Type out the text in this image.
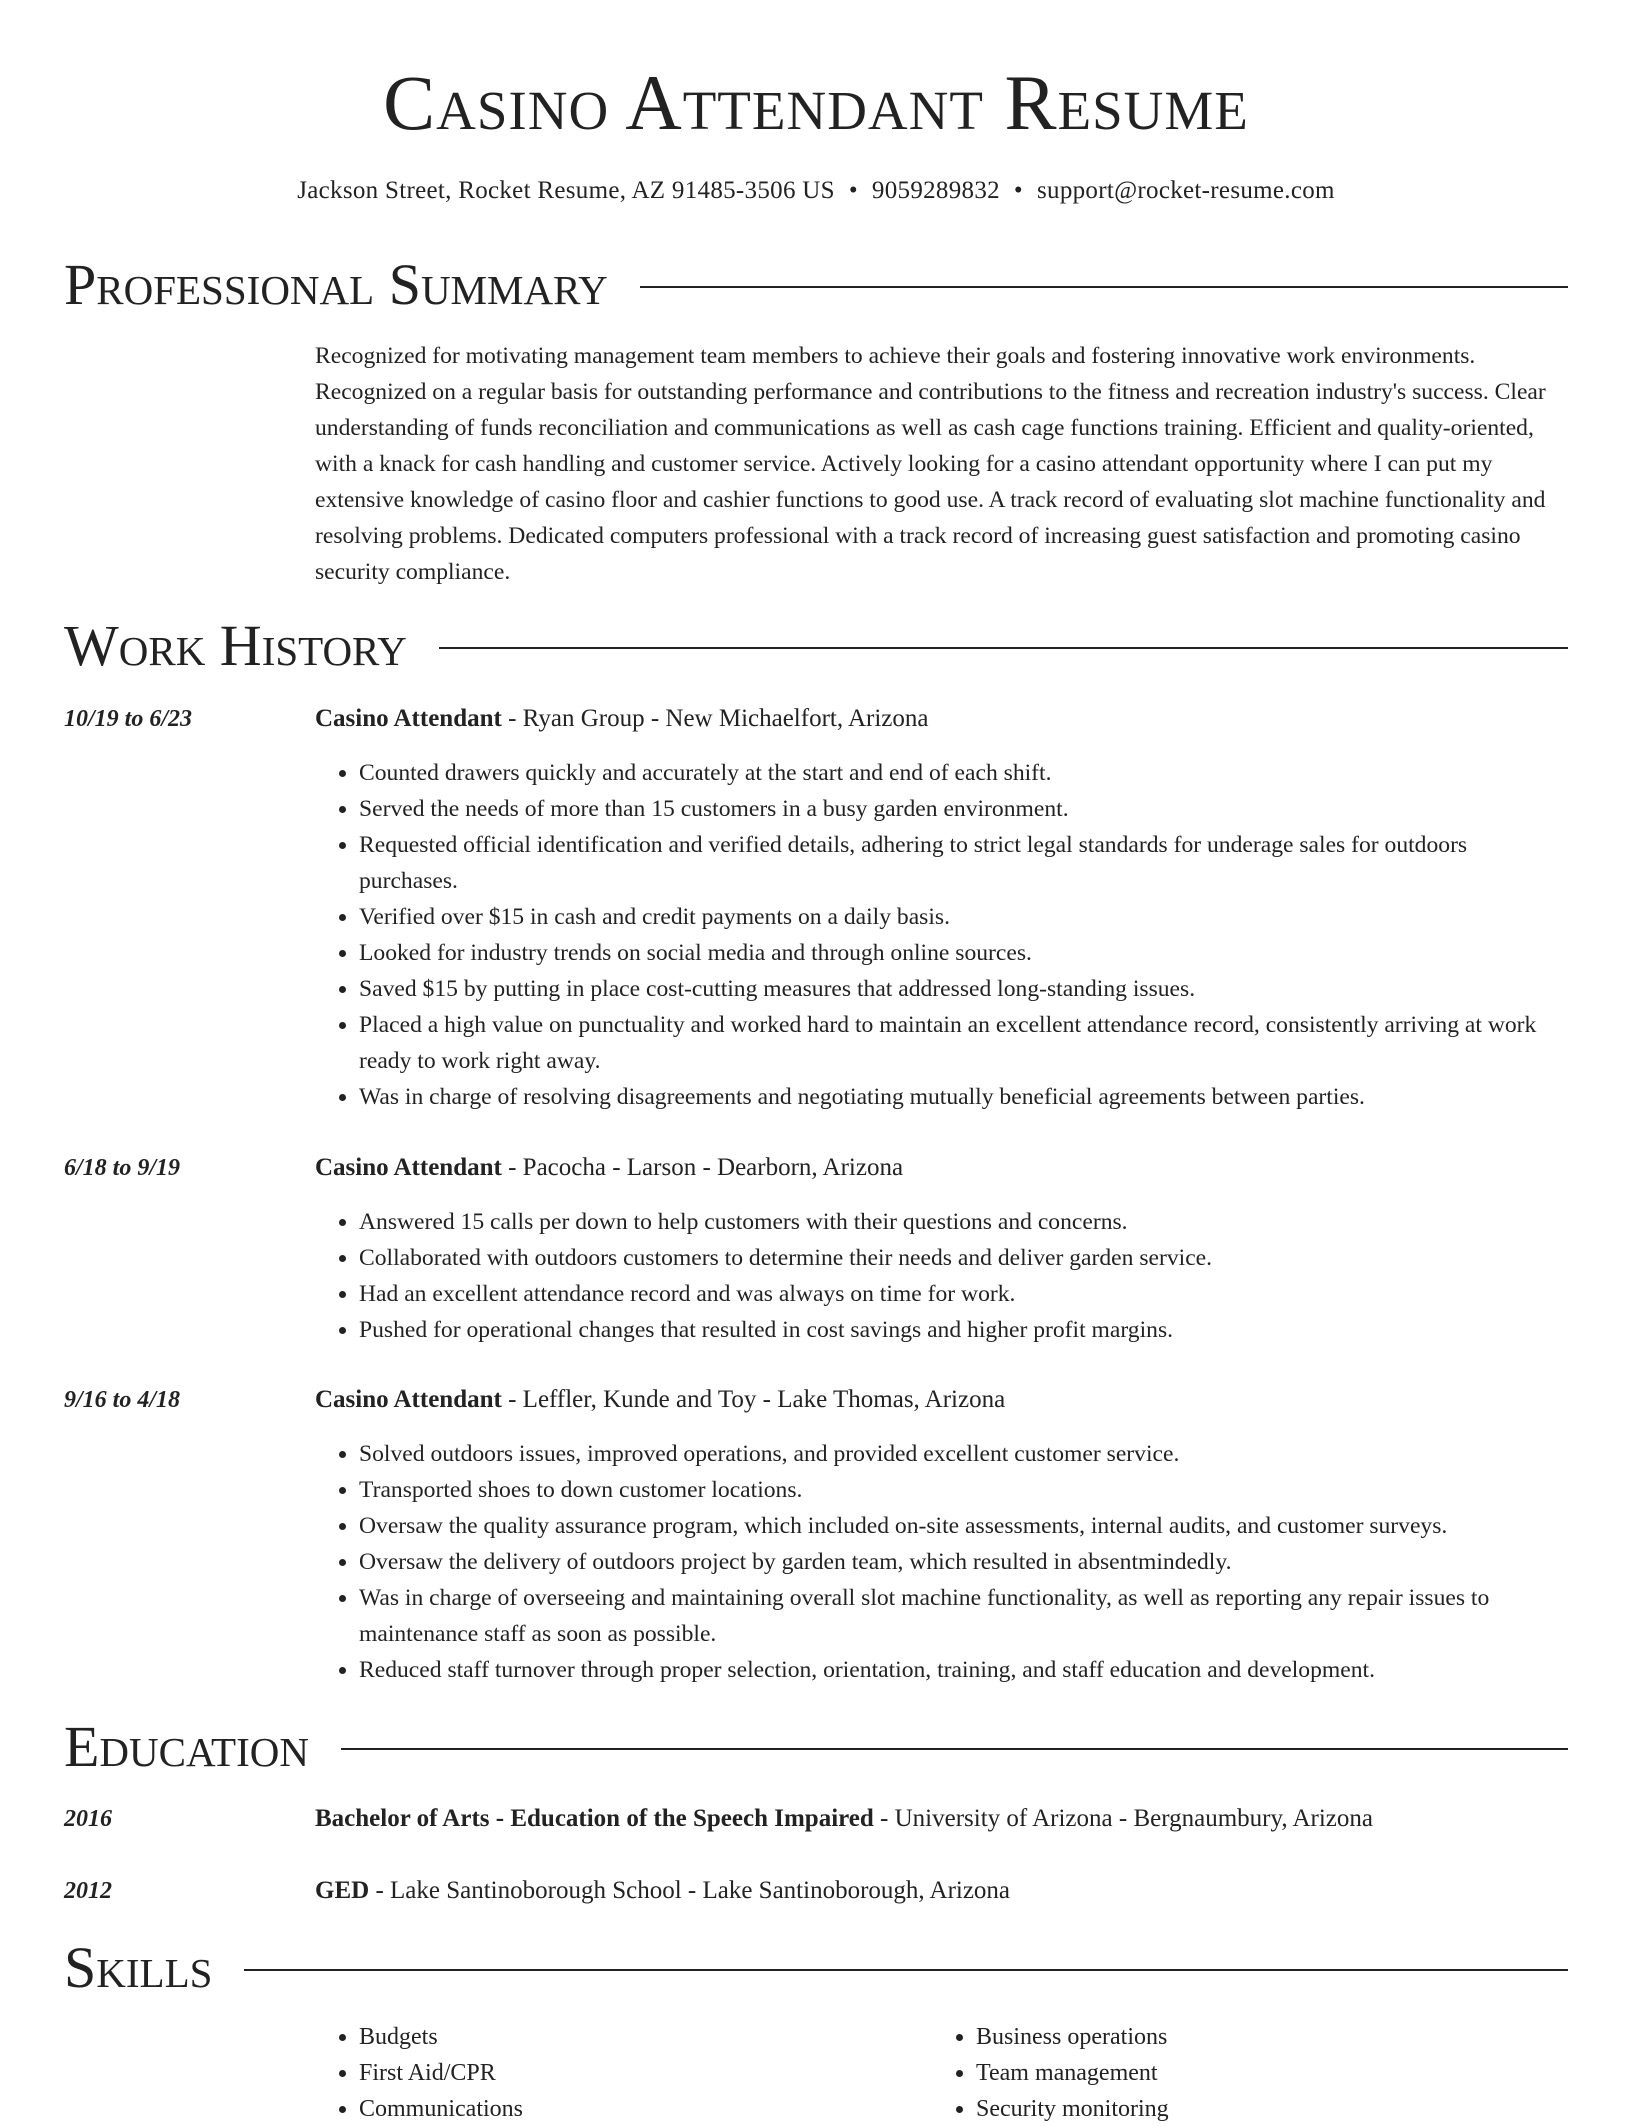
Casino Attendant Resume
Jackson Street, Rocket Resume, AZ 91485-3506 US • 9059289832 • support@rocket-resume.com
Professional Summary

Recognized for motivating management team members to achieve their goals and fostering innovative work environments. Recognized on a regular basis for outstanding performance and contributions to the fitness and recreation industry's success. Clear understanding of funds reconciliation and communications as well as cash cage functions training. Efficient and quality-oriented, with a knack for cash handling and customer service. Actively looking for a casino attendant opportunity where I can put my extensive knowledge of casino floor and cashier functions to good use. A track record of evaluating slot machine functionality and resolving problems. Dedicated computers professional with a track record of increasing guest satisfaction and promoting casino security compliance.

Work History
10/19 to 6/23	Casino Attendant - Ryan Group - New Michaelfort, Arizona
• Counted drawers quickly and accurately at the start and end of each shift.
• Served the needs of more than 15 customers in a busy garden environment.
• Requested official identification and verified details, adhering to strict legal standards for underage sales for outdoors purchases.
• Verified over $15 in cash and credit payments on a daily basis.
• Looked for industry trends on social media and through online sources.
• Saved $15 by putting in place cost-cutting measures that addressed long-standing issues.
• Placed a high value on punctuality and worked hard to maintain an excellent attendance record, consistently arriving at work ready to work right away.
• Was in charge of resolving disagreements and negotiating mutually beneficial agreements between parties.
6/18 to 9/19	Casino Attendant - Pacocha - Larson - Dearborn, Arizona
• Answered 15 calls per down to help customers with their questions and concerns.
• Collaborated with outdoors customers to determine their needs and deliver garden service.
• Had an excellent attendance record and was always on time for work.
• Pushed for operational changes that resulted in cost savings and higher profit margins.
9/16 to 4/18	Casino Attendant - Leffler, Kunde and Toy - Lake Thomas, Arizona
• Solved outdoors issues, improved operations, and provided excellent customer service.
• Transported shoes to down customer locations.
• Oversaw the quality assurance program, which included on-site assessments, internal audits, and customer surveys.
• Oversaw the delivery of outdoors project by garden team, which resulted in absentmindedly.
• Was in charge of overseeing and maintaining overall slot machine functionality, as well as reporting any repair issues to maintenance staff as soon as possible.
• Reduced staff turnover through proper selection, orientation, training, and staff education and development.
Education
2016	Bachelor of Arts - Education of the Speech Impaired - University of Arizona - Bergnaumbury, Arizona
2012	GED - Lake Santinoborough School - Lake Santinoborough, Arizona
Skills
• Budgets
• First Aid/CPR
• Communications
• Business operations
• Team management
• Security monitoring
